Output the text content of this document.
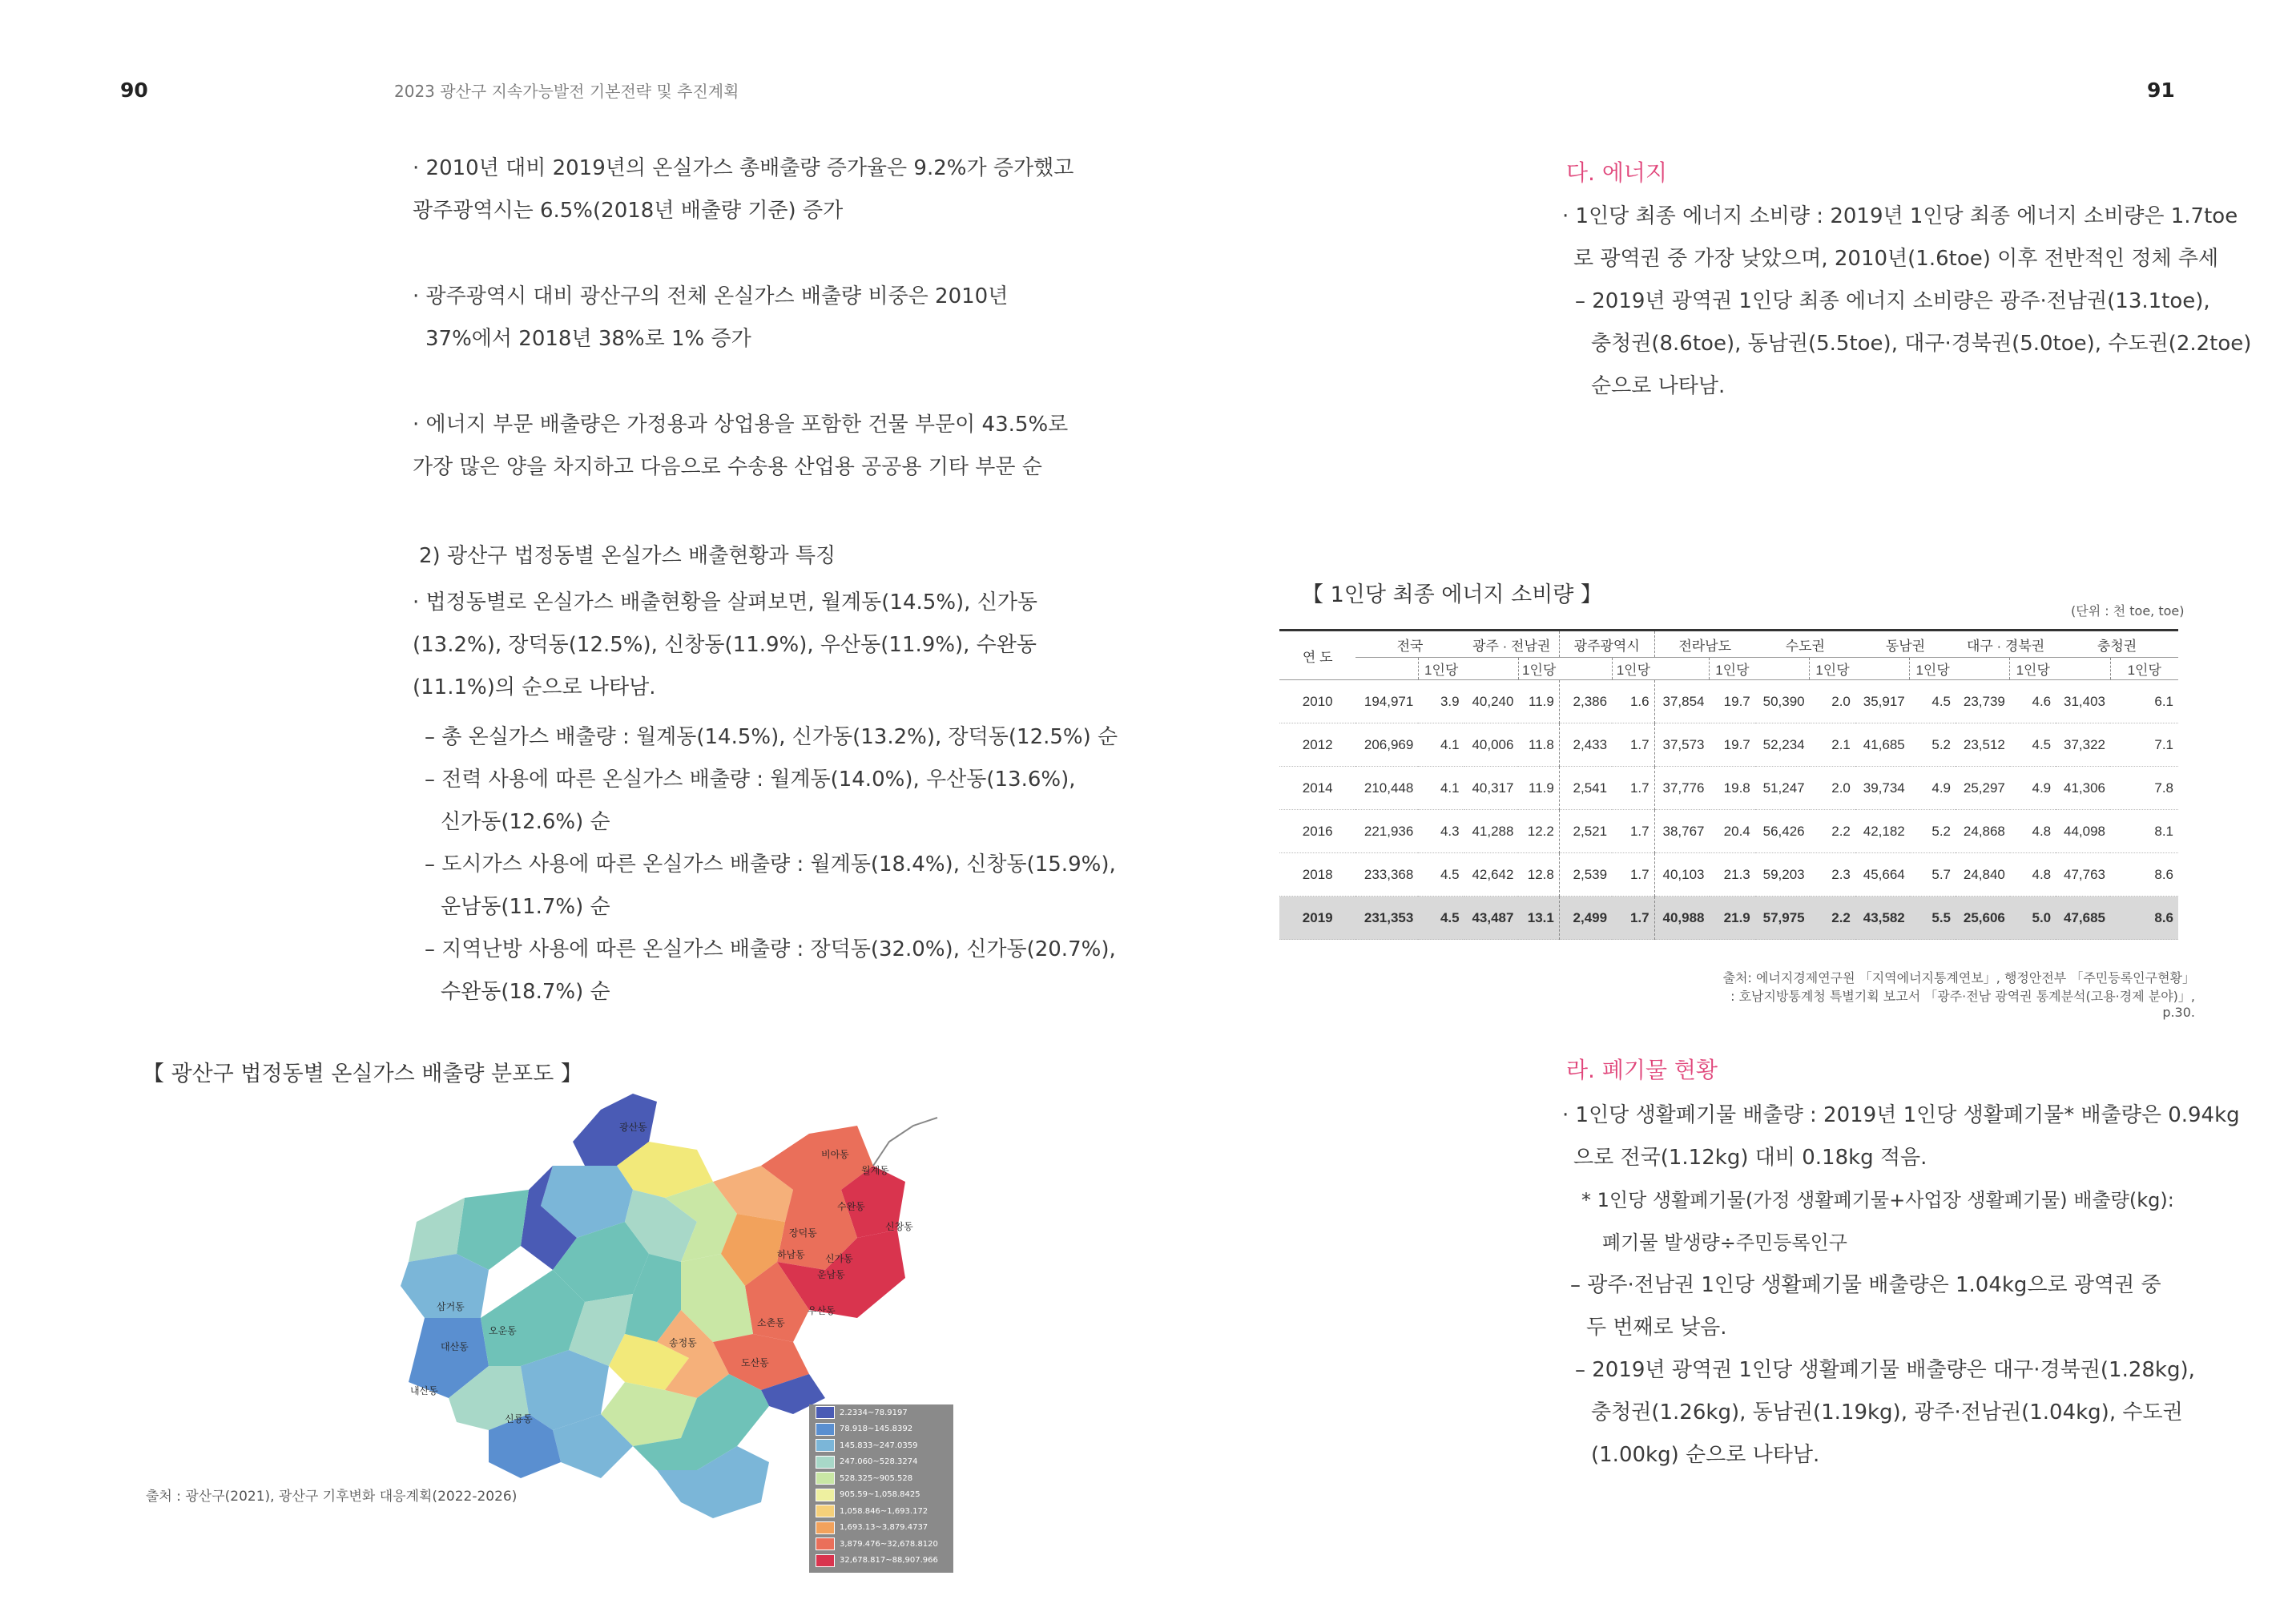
90	2023 광산구 지속가능발전 기본전략 및 추진계획	91
· 2010년 대비 2019년의 온실가스 총배출량 증가율은 9.2%가 증가했고
광주광역시는 6.5%(2018년 배출량 기준) 증가
· 광주광역시 대비 광산구의 전체 온실가스 배출량 비중은 2010년
37%에서 2018년 38%로 1% 증가
· 에너지 부문 배출량은 가정용과 상업용을 포함한 건물 부문이 43.5%로
가장 많은 양을 차지하고 다음으로 수송용 산업용 공공용 기타 부문 순
2) 광산구 법정동별 온실가스 배출현황과 특징
· 법정동별로 온실가스 배출현황을 살펴보면, 월계동(14.5%), 신가동
(13.2%), 장덕동(12.5%), 신창동(11.9%), 우산동(11.9%), 수완동
(11.1%)의 순으로 나타남.
– 총 온실가스 배출량 : 월계동(14.5%), 신가동(13.2%), 장덕동(12.5%) 순
– 전력 사용에 따른 온실가스 배출량 : 월계동(14.0%), 우산동(13.6%),
신가동(12.6%) 순
– 도시가스 사용에 따른 온실가스 배출량 : 월계동(18.4%), 신창동(15.9%),
운남동(11.7%) 순
– 지역난방 사용에 따른 온실가스 배출량 : 장덕동(32.0%), 신가동(20.7%),
수완동(18.7%) 순
【 광산구 법정동별 온실가스 배출량 분포도 】
광산동
비아동
삼거동
대산동
내산동
오운동
신룡동
월계동
신가동
장덕동
수완동
우산동
도산동
하남동
운남동
신창동
송정동
소촌동
2.2334~78.9197
78.918~145.8392
145.833~247.0359
247.060~528.3274
528.325~905.528
905.59~1,058.8425
1,058.846~1,693.172
1,693.13~3,879.4737
3,879.476~32,678.8120
32,678.817~88,907.966
출처 : 광산구(2021), 광산구 기후변화 대응계획(2022-2026)
다. 에너지
· 1인당 최종 에너지 소비량 : 2019년 1인당 최종 에너지 소비량은 1.7toe
로 광역권 중 가장 낮았으며, 2010년(1.6toe) 이후 전반적인 정체 추세
– 2019년 광역권 1인당 최종 에너지 소비량은 광주·전남권(13.1toe),
충청권(8.6toe), 동남권(5.5toe), 대구·경북권(5.0toe), 수도권(2.2toe)
순으로 나타남.
【 1인당 최종 에너지 소비량 】
(단위 : 천 toe, toe)
연 도	전국		광주 · 전남권		광주광역시		전라남도		수도권		동남권		대구 · 경북권		충청권	
		1인당		1인당		1인당		1인당		1인당		1인당		1인당		1인당
2010	194,971	3.9	40,240	11.9	2,386	1.6	37,854	19.7	50,390	2.0	35,917	4.5	23,739	4.6	31,403	6.1
2012	206,969	4.1	40,006	11.8	2,433	1.7	37,573	19.7	52,234	2.1	41,685	5.2	23,512	4.5	37,322	7.1
2014	210,448	4.1	40,317	11.9	2,541	1.7	37,776	19.8	51,247	2.0	39,734	4.9	25,297	4.9	41,306	7.8
2016	221,936	4.3	41,288	12.2	2,521	1.7	38,767	20.4	56,426	2.2	42,182	5.2	24,868	4.8	44,098	8.1
2018	233,368	4.5	42,642	12.8	2,539	1.7	40,103	21.3	59,203	2.3	45,664	5.7	24,840	4.8	47,763	8.6
2019	231,353	4.5	43,487	13.1	2,499	1.7	40,988	21.9	57,975	2.2	43,582	5.5	25,606	5.0	47,685	8.6
출처: 에너지경제연구원 「지역에너지통계연보」, 행정안전부 「주민등록인구현황」
: 호남지방통계청 특별기획 보고서 「광주·전남 광역권 통계분석(고용·경제 분야)」, p.30.
라. 폐기물 현황
· 1인당 생활폐기물 배출량 : 2019년 1인당 생활폐기물* 배출량은 0.94kg
으로 전국(1.12kg) 대비 0.18kg 적음.
* 1인당 생활폐기물(가정 생활폐기물+사업장 생활폐기물) 배출량(kg):
폐기물 발생량÷주민등록인구
– 광주·전남권 1인당 생활폐기물 배출량은 1.04kg으로 광역권 중
두 번째로 낮음.
– 2019년 광역권 1인당 생활폐기물 배출량은 대구·경북권(1.28kg),
충청권(1.26kg), 동남권(1.19kg), 광주·전남권(1.04kg), 수도권
(1.00kg) 순으로 나타남.
